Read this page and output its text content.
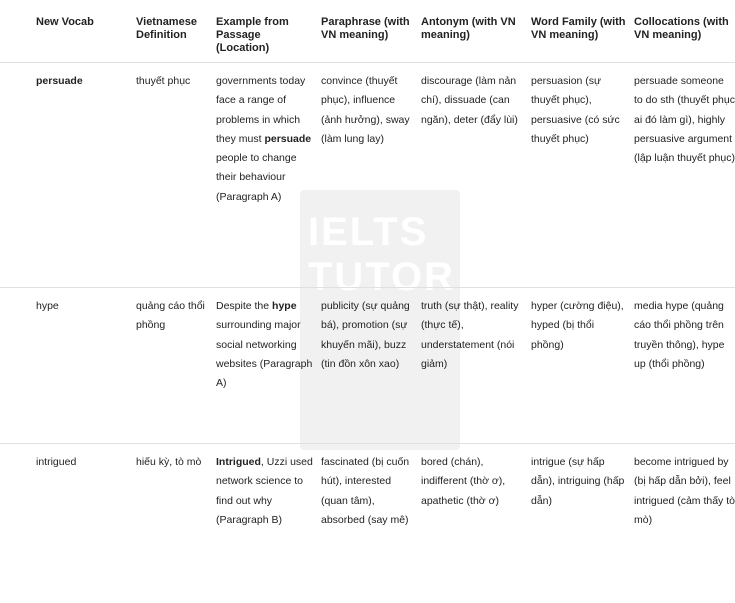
IELTS TUTOR
New Vocab	Vietnamese Definition	Example from Passage (Location)	Paraphrase (with VN meaning)	Antonym (with VN meaning)	Word Family (with VN meaning)	Collocations (with VN meaning)
persuade	thuyết phục	governments today face a range of problems in which they must persuade people to change their behaviour (Paragraph A)	convince (thuyết phục), influence (ảnh hưởng), sway (làm lung lay)	discourage (làm nản chí), dissuade (can ngăn), deter (đẩy lùi)	persuasion (sự thuyết phục), persuasive (có sức thuyết phục)	persuade someone to do sth (thuyết phục ai đó làm gì), highly persuasive argument (lập luận thuyết phục)
hype	quảng cáo thổi phồng	Despite the hype surrounding major social networking websites (Paragraph A)	publicity (sự quảng bá), promotion (sự khuyến mãi), buzz (tin đồn xôn xao)	truth (sự thật), reality (thực tế), understatement (nói giảm)	hyper (cường điệu), hyped (bị thổi phồng)	media hype (quảng cáo thổi phồng trên truyền thông), hype up (thổi phồng)
intrigued	hiếu kỳ, tò mò	Intrigued, Uzzi used network science to find out why (Paragraph B)	fascinated (bị cuốn hút), interested (quan tâm), absorbed (say mê)	bored (chán), indifferent (thờ ơ), apathetic (thờ ơ)	intrigue (sự hấp dẫn), intriguing (hấp dẫn)	become intrigued by (bị hấp dẫn bởi), feel intrigued (cảm thấy tò mò)
